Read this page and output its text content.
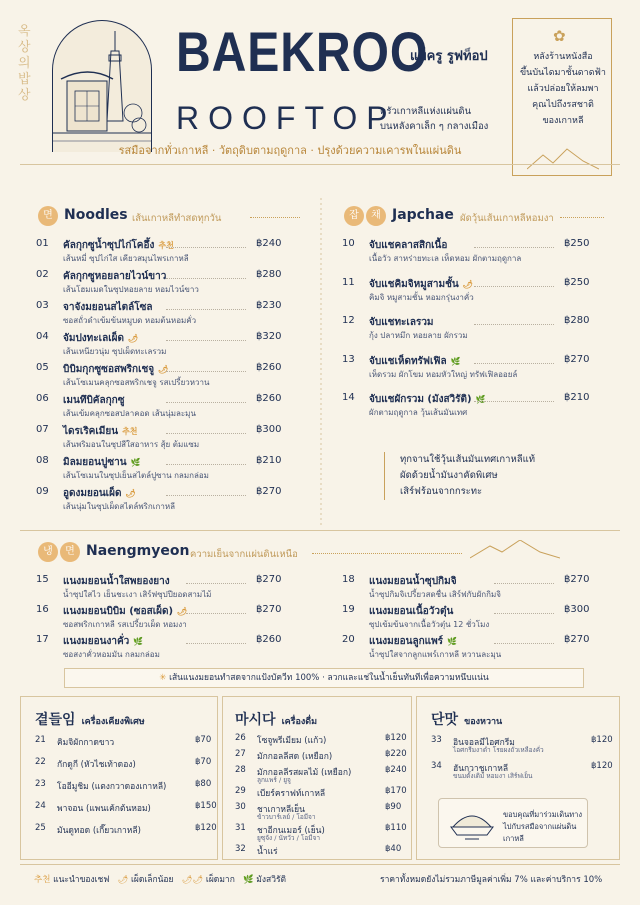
옥상의밥상
BAEKROO
แบ็ครู รูฟท็อป
ROOFTOP
ครัวเกาหลีแห่งแผ่นดิน
บนหลังคาเล็ก ๆ กลางเมือง
✿
หลังร้านหนังสือ
ขึ้นบันไดมาชั้นดาดฟ้า
แล้วปล่อยให้ลมพา
คุณไปถึงรสชาติ
ของเกาหลี
รสมือจากทั่วเกาหลี · วัตถุดิบตามฤดูกาล · ปรุงด้วยความเคารพในแผ่นดิน
면 Noodles เส้นเกาหลีทำสดทุกวัน
01 คัลกุกซูน้ำซุปไก่โคอึ้ง 추천
เส้นหมี่ ซุปไก่ใส เคียวสมุนไพรเกาหลี
฿240
02 คัลกุกซูหอยลายไวน์ขาว
เส้นโฮมเมดในซุปหอยลาย หอมไวน์ขาว
฿280
03 จาจังมยอนสไตล์โซล
ซอสถั่วดำเข้มข้นหมูบด หอมต้นหอมคั่ว
฿230
04 จัมปงทะเลเผ็ด 🌶
เส้นเหนียวนุ่ม ซุปเผ็ดทะเลรวม
฿320
05 บิบิมกุกซูซอสพริกเชจู 🌶
เส้นโซเมนคลุกซอสพริกเชจู รสเปรี้ยวหวาน
฿260
06 เมนทึบิคัลกุกซู
เส้นเข้มคลุกซอสปลาคอด เส้นนุ่มละมุน
฿260
07 ไดรเริคเมียน 추천
เส้นพริมอนในซุปสีใสอาหาร สุ้ย ต้มแซม
฿300
08 มิลมยอนปูซาน 🌿
เส้นโซเมนในซุปเย็นสไตล์ปูซาน กลมกล่อม
฿210
09 อูดงมยอนเผ็ด 🌶
เส้นนุ่มในซุปเผ็ดสไตล์พริกเกาหลี
฿270
잡	채 Japchae ผัดวุ้นเส้นเกาหลีหอมงา
10 จับแชคลาสสิกเนื้อ
เนื้อวัว สาหร่ายทะเล เห็ดหอม ผักตามฤดูกาล
฿250
11 จับแชคิมจิหมูสามชั้น 🌶
คิมจิ หมูสามชั้น หอมกรุ่นงาคั่ว
฿250
12 จับแชทะเลรวม
กุ้ง ปลาหมึก หอยลาย ผักรวม
฿280
13 จับแชเห็ดทรัฟเฟิล 🌿
เห็ดรวม ผักโขม หอมหัวใหญ่ ทรัฟเฟิลออยล์
฿270
14 จับแชผักรวม (มังสวิรัติ) 🌿
ผักตามฤดูกาล วุ้นเส้นมันเทศ
฿210
ทุกจานใช้วุ้นเส้นมันเทศเกาหลีแท้
ผัดด้วยน้ำมันงาคัดพิเศษ
เสิร์ฟร้อนจากกระทะ
냉	면 Naengmyeon ความเย็นจากแผ่นดินเหนือ
15 แนงมยอนน้ำใสพยองยาง
น้ำซุปใสไว เย็นชะเงา เสิร์ฟซุปปียอดสามไม้
฿270
16 แนงมยอนบิบิม (ซอสเผ็ด) 🌶
ซอสพริกเกาหลี รสเปรี้ยวเผ็ด หอมงา
฿270
17 แนงมยอนงาคั่ว 🌿
ซอสงาคั่วหอมมัน กลมกล่อม
฿260
18 แนงมยอนน้ำซุปกิมจิ
น้ำซุปกิมจิเปรี้ยวสดชื่น เสิร์ฟกับผักกิมจิ
฿270
19 แนงมยอนเนื้อวัวตุ๋น
ซุปเข้มข้นจากเนื้อวัวตุ๋น 12 ชั่วโมง
฿300
20 แนงมยอนลูกแพร์ 🌿
น้ำซุปใสจากลูกแพร์เกาหลี หวานละมุน
฿270
✳ เส้นแนงมยอนทำสดจากแป้งบัควีท 100% · ลวกและแช่ในน้ำเย็นทันทีเพื่อความหนึบแน่น
곁들임 เครื่องเคียงพิเศษ
21 คิมจิผักกาดขาว	฿70
22 กักดูกี (หัวไชเท้าดอง)	฿70
23 โออีมูชิม (แตงกวาดองเกาหลี)	฿80
24 พาจอน (แพนเค้กต้นหอม)	฿150
25 มันดูทอด (เกี๊ยวเกาหลี)	฿120
마시다 เครื่องดื่ม
26 โซจูพรีเมียม (แก้ว)	฿120
27 มักกอลลีสด (เหยือก)	฿220
28 มักกอลลีรสผลไม้ (เหยือก)
ลูกแพร์ / ยูจู
฿240
29 เบียร์คราฟท์เกาหลี	฿170
30 ชาเกาหลีเย็น
ข้าวบาร์เลย์ / โอมีจา
฿90
31 ชาอีกนเมอร์ (เย็น)
ยูซุจัง / นัทวัว / โอมีจา
฿110
32 น้ำแร่	฿40
단맛 ของหวาน
33 อินจอลมีไอศกรีม
ไอศกรีมงาดำ โรยผงถั่วเหลืองคั่ว
฿120
34 ฮันกวาชูเกาหลี
ขนมดั้งเดิม หอมงา เสิร์ฟเย็น
฿120
ขอบคุณที่มาร่วมเดินทาง
ไปกับรสมือจากแผ่นดินเกาหลี
추천 แนะนำของเชฟ 🌶 เผ็ดเล็กน้อย 🌶🌶 เผ็ดมาก 🌿 มังสวิรัติ	ราคาทั้งหมดยังไม่รวมภาษีมูลค่าเพิ่ม 7% และค่าบริการ 10%
